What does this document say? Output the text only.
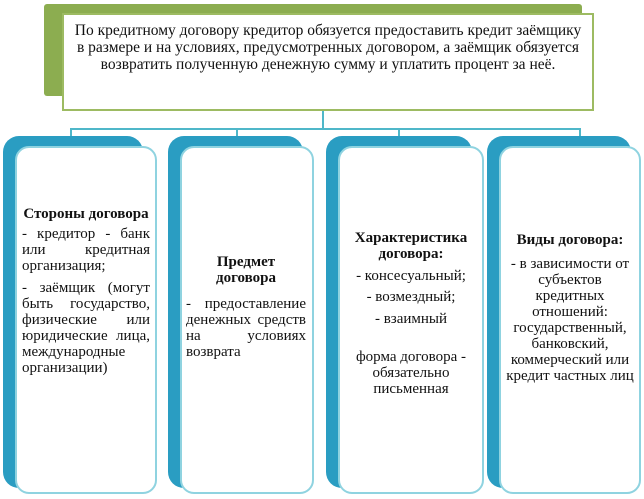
По кредитному договору кредитор обязуется предоставить кредит заёмщику в размере и на условиях, предусмотренных договором, а заёмщик обязуется возвратить полученную денежную сумму и уплатить процент за неё.

Стороны договора

- кредитор - банк или кредитная организация;

- заёмщик (могут быть государство, физические или юридические лица, международные организации)

Предмет договора

- предоставление денежных средств на условиях возврата

Характеристика договора:

- консесуальный;

- возмездный;

- взаимный

форма договора - обязательно письменная

Виды договора:

- в зависимости от субъектов кредитных отношений: государственный, банковский, коммерческий или кредит частных лиц
